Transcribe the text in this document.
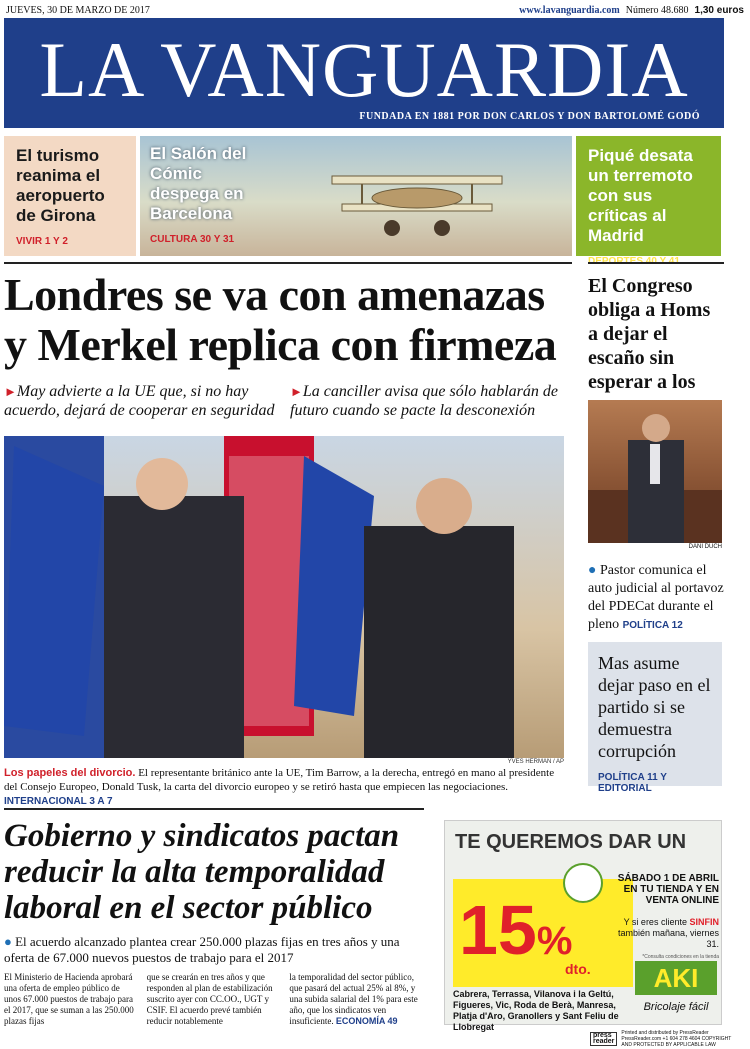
JUEVES, 30 DE MARZO DE 2017	www.lavanguardia.com Número 48.680 1,30 euros
LA VANGUARDIA
FUNDADA EN 1881 POR DON CARLOS Y DON BARTOLOMÉ GODÓ
El turismo reanima el aeropuerto de Girona
VIVIR 1 Y 2
El Salón del Cómic despega en Barcelona
CULTURA 30 Y 31
Piqué desata un terremoto con sus críticas al Madrid
Londres se va con amenazas y Merkel replica con firmeza
►May advierte a la UE que, si no hay acuerdo, dejará de cooperar en seguridad
►La canciller avisa que sólo hablarán de futuro cuando se pacte la desconexión
YVES HERMAN / AP

Los papeles del divorcio. El representante británico ante la UE, Tim Barrow, a la derecha, entregó en mano al presidente del Consejo Europeo, Donald Tusk, la carta del divorcio europeo y se retiró hasta que empiecen las negociaciones. INTERNACIONAL 3 A 7

El Congreso obliga a Homs a dejar el escaño sin esperar a los
DANI DUCH

● Pastor comunica el auto judicial al portavoz del PDECat durante el pleno POLÍTICA 12

Mas asume dejar paso en el partido si se demuestra corrupción
POLÍTICA 11 Y EDITORIAL
Gobierno y sindicatos pactan reducir la alta temporalidad laboral en el sector público

● El acuerdo alcanzado plantea crear 250.000 plazas fijas en tres años y una oferta de 67.000 nuevos puestos de trabajo para el 2017

El Ministerio de Hacienda aprobará una oferta de empleo público de unos 67.000 puestos de trabajo para el 2017, que se suman a las 250.000 plazas fijas

que se crearán en tres años y que responden al plan de estabilización suscrito ayer con CC.OO., UGT y CSIF. El acuerdo prevé también reducir notablemente

la temporalidad del sector público, que pasará del actual 25% al 8%, y una subida salarial del 1% para este año, que los sindicatos ven insuficiente. ECONOMÍA 49

TE QUEREMOS DAR UN
15%
dto.
SÁBADO 1 DE ABRIL EN TU TIENDA Y EN VENTA ONLINE

Y si eres cliente SINFIN
también mañana, viernes 31.
*Consulta condiciones en la tienda
Cabrera, Terrassa, Vilanova i la Geltú, Figueres, Vic, Roda de Berà, Manresa, Platja d'Aro, Granollers y Sant Feliu de Llobregat
AKI
Bricolaje fácil
press reader
Printed and distributed by PressReader PressReader.com +1 604 278 4604 COPYRIGHT AND PROTECTED BY APPLICABLE LAW
